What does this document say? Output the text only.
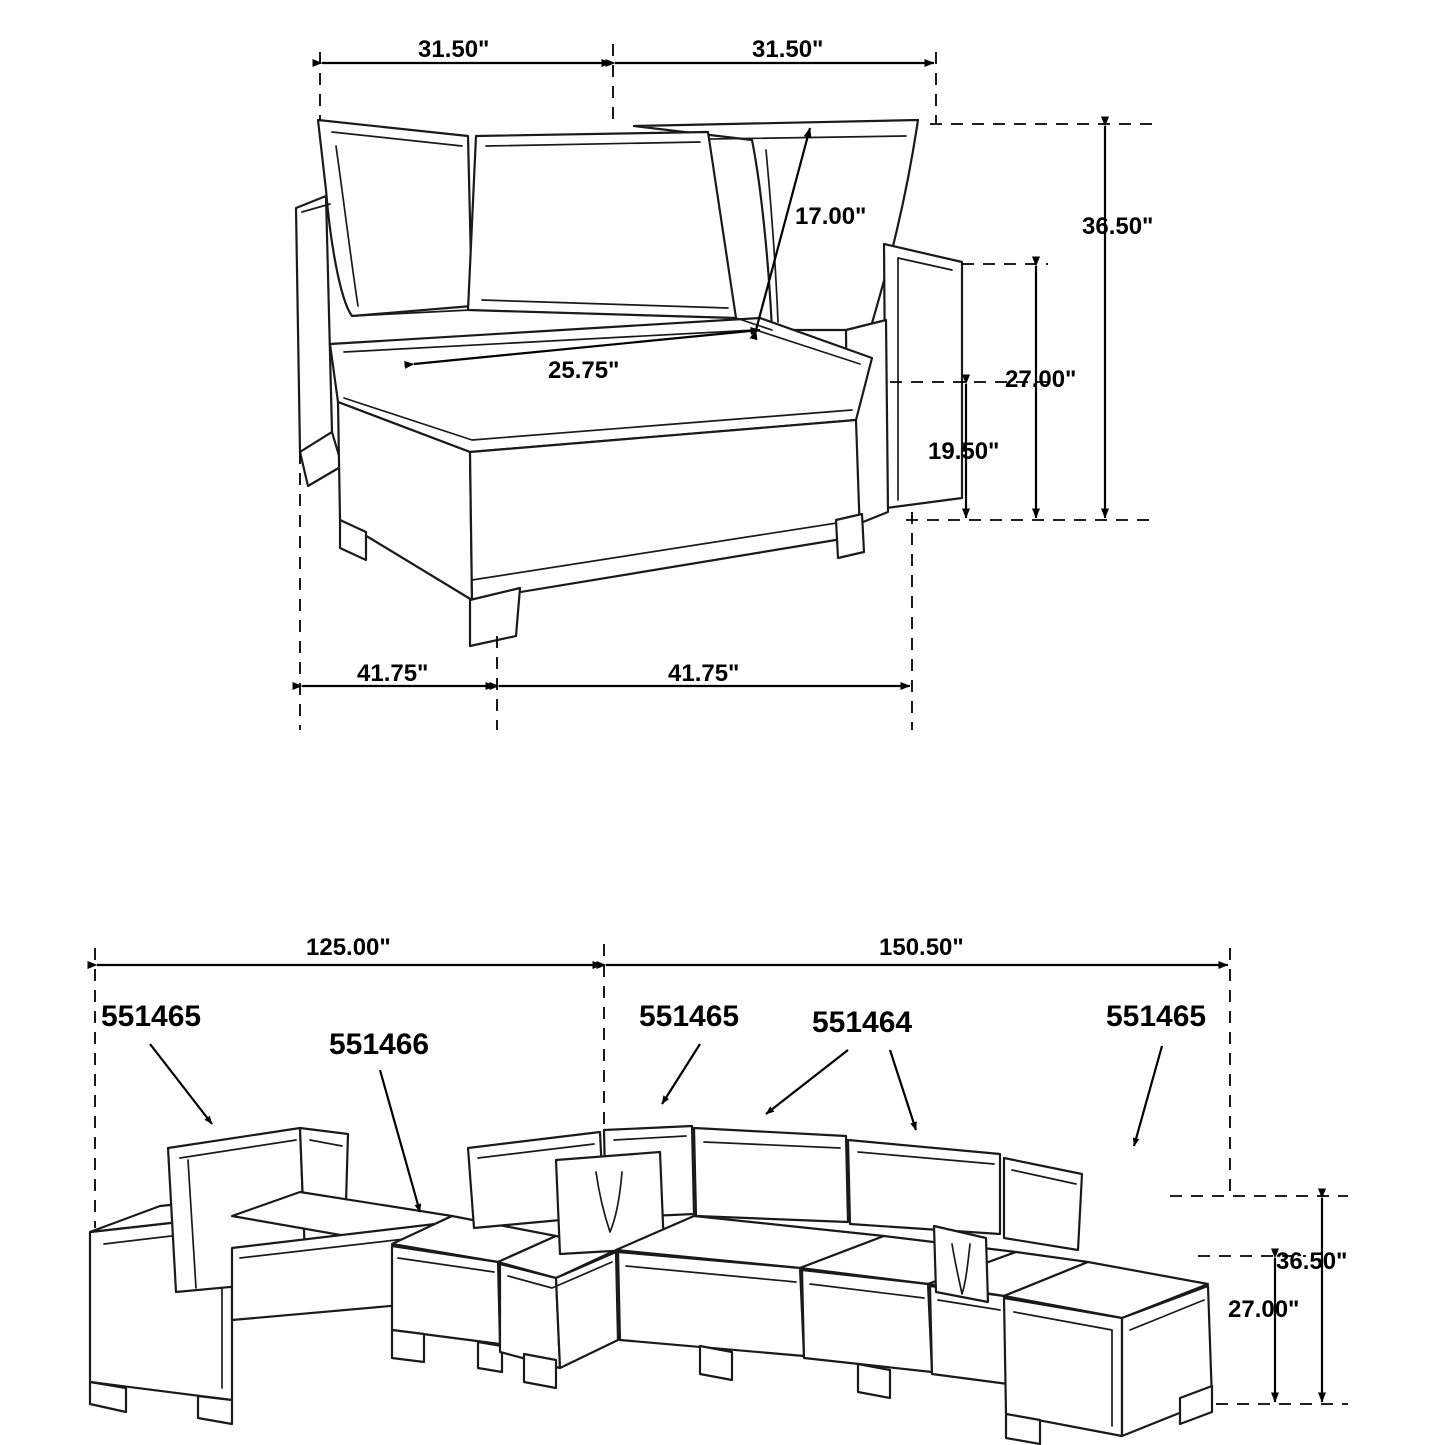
31.50"	31.50"
17.00"	36.50"
25.75"	27.00"
19.50"
41.75"	41.75"
125.00"	150.50"
36.50"
27.00"
551465
551466
551465 551464	551465
